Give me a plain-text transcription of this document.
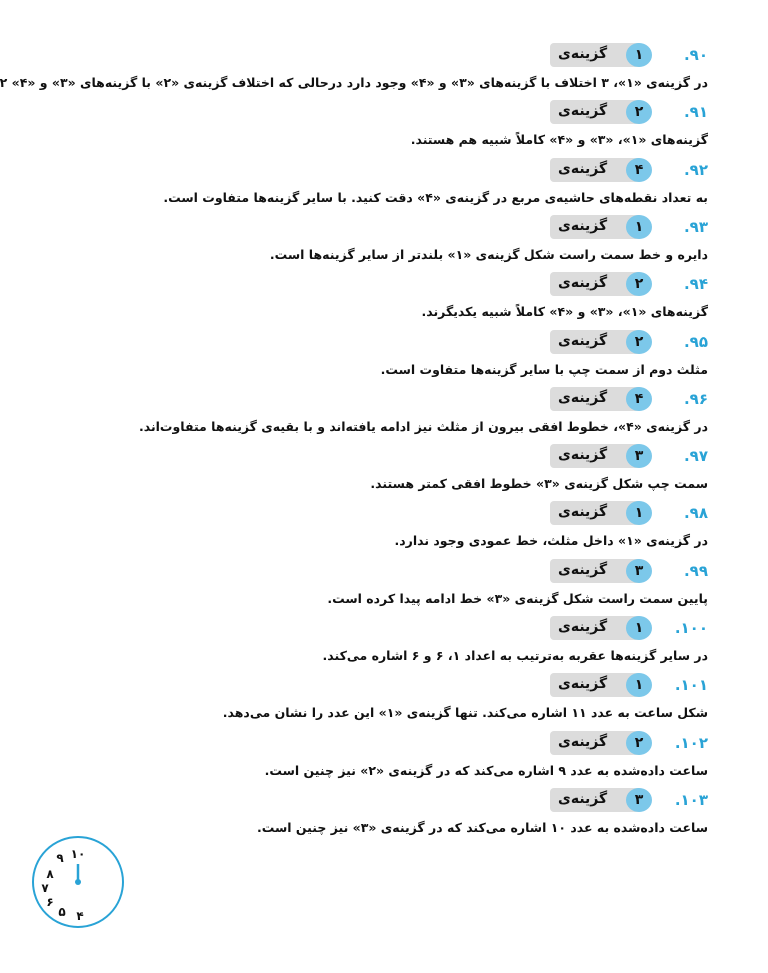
گزینه‌ی	۱	.۹۰
در گزینه‌ی «۱»، ۳ اختلاف با گزینه‌های «۳» و «۴» وجود دارد درحالی که اختلاف گزینه‌ی «۲» با گزینه‌های «۳» و «۴» ۲
گزینه‌ی	۲	.۹۱
گزینه‌های «۱»، «۳» و «۴» کاملاً شبیه هم هستند.
گزینه‌ی	۴	.۹۲
به تعداد نقطه‌های حاشیه‌ی مربع در گزینه‌ی «۴» دقت کنید. با سایر گزینه‌ها متفاوت است.
گزینه‌ی	۱	.۹۳
دایره و خط سمت راست شکل گزینه‌ی «۱» بلندتر از سایر گزینه‌ها است.
گزینه‌ی	۲	.۹۴
گزینه‌های «۱»، «۳» و «۴» کاملاً شبیه یکدیگرند.
گزینه‌ی	۲	.۹۵
مثلث دوم از سمت چپ با سایر گزینه‌ها متفاوت است.
گزینه‌ی	۴	.۹۶
در گزینه‌ی «۴»، خطوط افقی بیرون از مثلث نیز ادامه یافته‌اند و با بقیه‌ی گزینه‌ها متفاوت‌اند.
گزینه‌ی	۳	.۹۷
سمت چپ شکل گزینه‌ی «۳» خطوط افقی کمتر هستند.
گزینه‌ی	۱	.۹۸
در گزینه‌ی «۱» داخل مثلث، خط عمودی وجود ندارد.
گزینه‌ی	۳	.۹۹
پایین سمت راست شکل گزینه‌ی «۳» خط ادامه پیدا کرده است.
گزینه‌ی	۱	.۱۰۰
در سایر گزینه‌ها عقربه به‌ترتیب به اعداد ۱، ۶ و ۶ اشاره می‌کند.
گزینه‌ی	۱	.۱۰۱
شکل ساعت به عدد ۱۱ اشاره می‌کند. تنها گزینه‌ی «۱» این عدد را نشان می‌دهد.
گزینه‌ی	۲	.۱۰۲
ساعت داده‌شده به عدد ۹ اشاره می‌کند که در گزینه‌ی «۲» نیز چنین است.
گزینه‌ی	۳	.۱۰۳
ساعت داده‌شده به عدد ۱۰ اشاره می‌کند که در گزینه‌ی «۳» نیز چنین است.
۱۰
۹
۸
۷
۶
۵ ۴
